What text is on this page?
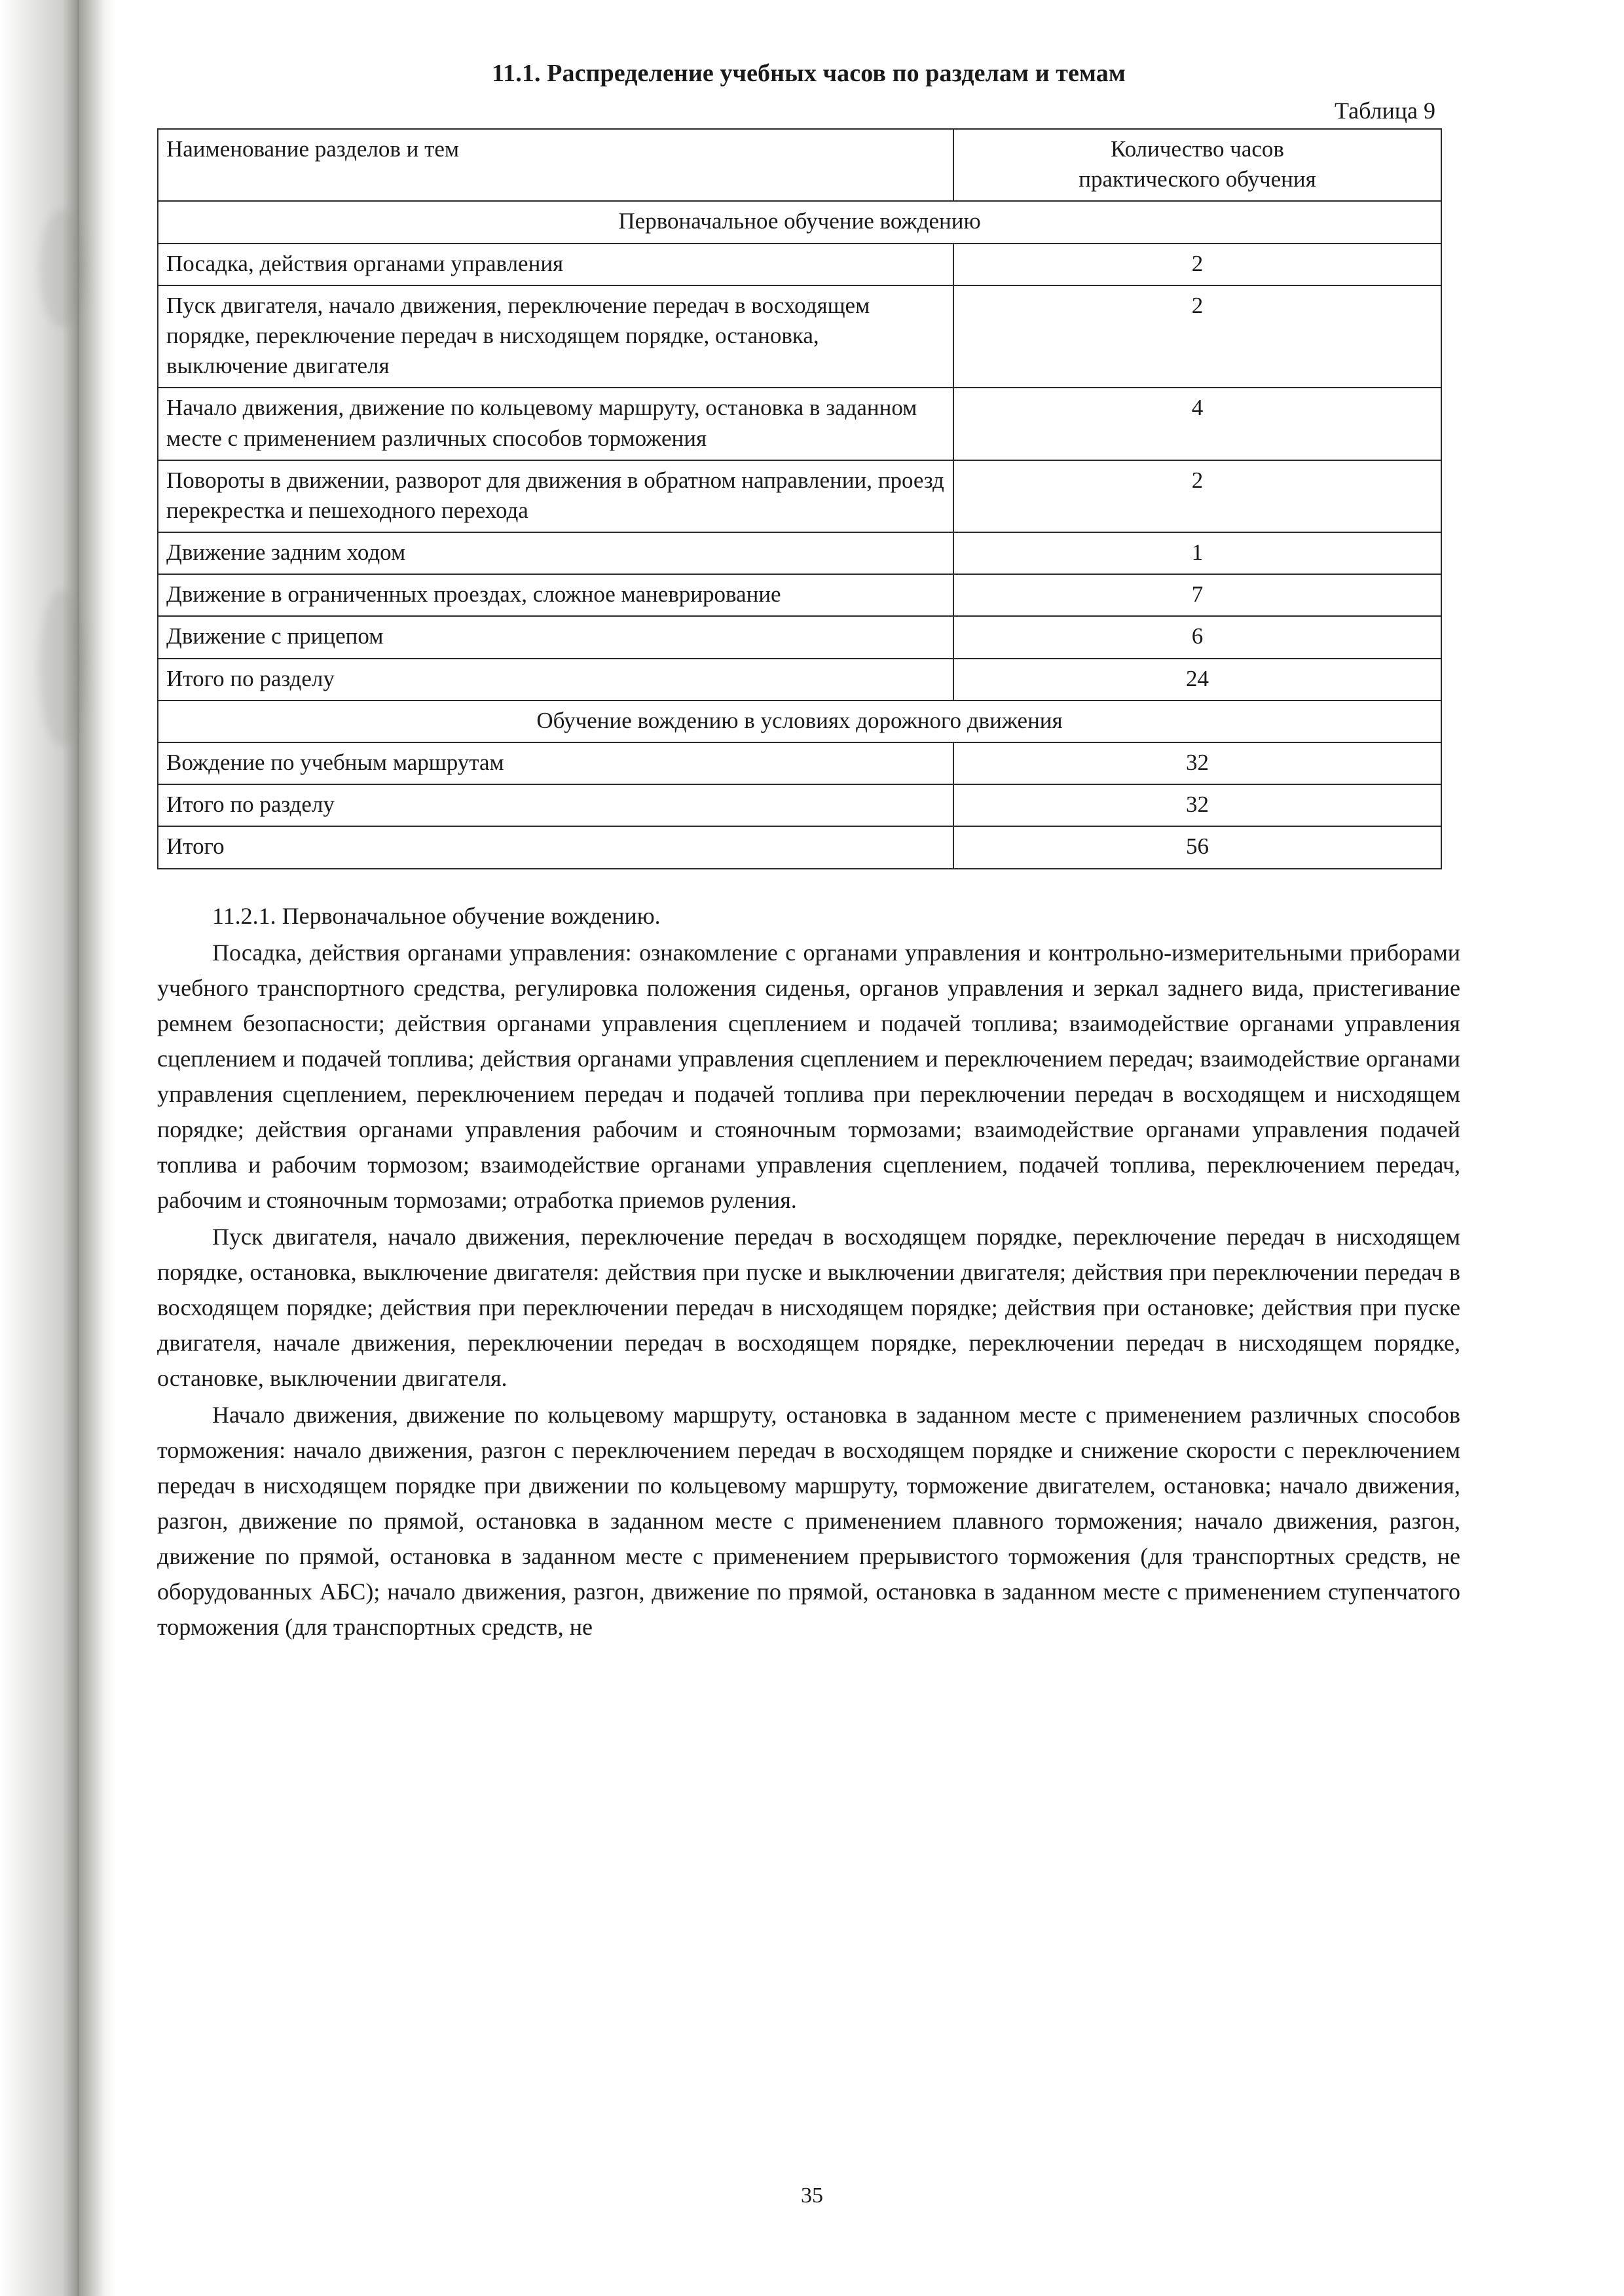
11.1. Распределение учебных часов по разделам и темам
Таблица 9
Наименование разделов и тем	Количество часов
практического обучения

Первоначальное обучение вождению	
Посадка, действия органами управления	2
Пуск двигателя, начало движения, переключение передач в восходящем порядке, переключение передач в нисходящем порядке, остановка, выключение двигателя	2
Начало движения, движение по кольцевому маршруту, остановка в заданном месте с применением различных способов торможения	4
Повороты в движении, разворот для движения в обратном направлении, проезд перекрестка и пешеходного перехода	2
Движение задним ходом	1
Движение в ограниченных проездах, сложное маневрирование	7
Движение с прицепом	6
Итого по разделу	24
Обучение вождению в условиях дорожного движения	
Вождение по учебным маршрутам	32
Итого по разделу	32
Итого	56

11.2.1. Первоначальное обучение вождению.

Посадка, действия органами управления: ознакомление с органами управления и контрольно-измерительными приборами учебного транспортного средства, регулировка положения сиденья, органов управления и зеркал заднего вида, пристегивание ремнем безопасности; действия органами управления сцеплением и подачей топлива; взаимодействие органами управления сцеплением и подачей топлива; действия органами управления сцеплением и переключением передач; взаимодействие органами управления сцеплением, переключением передач и подачей топлива при переключении передач в восходящем и нисходящем порядке; действия органами управления рабочим и стояночным тормозами; взаимодействие органами управления подачей топлива и рабочим тормозом; взаимодействие органами управления сцеплением, подачей топлива, переключением передач, рабочим и стояночным тормозами; отработка приемов руления.

Пуск двигателя, начало движения, переключение передач в восходящем порядке, переключение передач в нисходящем порядке, остановка, выключение двигателя: действия при пуске и выключении двигателя; действия при переключении передач в восходящем порядке; действия при переключении передач в нисходящем порядке; действия при остановке; действия при пуске двигателя, начале движения, переключении передач в восходящем порядке, переключении передач в нисходящем порядке, остановке, выключении двигателя.

Начало движения, движение по кольцевому маршруту, остановка в заданном месте с применением различных способов торможения: начало движения, разгон с переключением передач в восходящем порядке и снижение скорости с переключением передач в нисходящем порядке при движении по кольцевому маршруту, торможение двигателем, остановка; начало движения, разгон, движение по прямой, остановка в заданном месте с применением плавного торможения; начало движения, разгон, движение по прямой, остановка в заданном месте с применением прерывистого торможения (для транспортных средств, не оборудованных АБС); начало движения, разгон, движение по прямой, остановка в заданном месте с применением ступенчатого торможения (для транспортных средств, не

35
